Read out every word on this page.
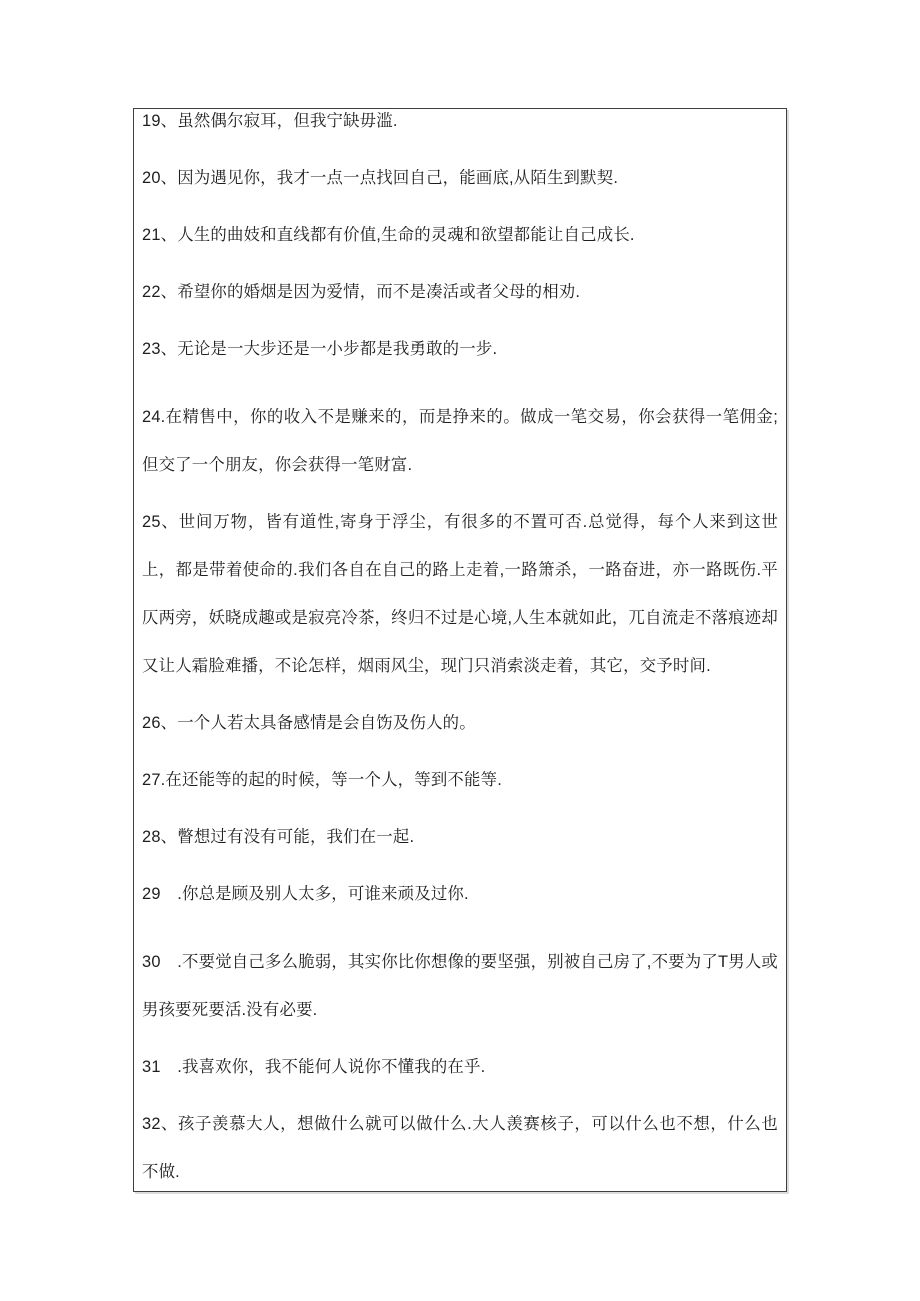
19、虽然偶尔寂耳，但我宁缺毋滥.

20、因为遇见你，我才一点一点找回自己，能画底,从陌生到默契.

21、人生的曲妓和直线都有价值,生命的灵魂和欲望都能让自己成长.

22、希望你的婚烟是因为爱情，而不是凑活或者父母的相劝.

23、无论是一大步还是一小步都是我勇敢的一步.

24.在精售中，你的收入不是赚来的，而是挣来的。做成一笔交易，你会获得一笔佣金; 但交了一个朋友，你会获得一笔财富.

25、世间万物，皆有道性,寄身于浮尘，有很多的不置可否.总觉得，每个人来到这世上，都是带着使命的.我们各自在自己的路上走着,一路箫杀，一路奋进，亦一路既伤.平仄两旁，妖晓成趣或是寂亮冷茶，终归不过是心境,人生本就如此，兀自流走不落痕迹却又让人霜脸难播，不论怎样，烟雨风尘，现门只消索淡走着，其它，交予时间.

26、一个人若太具备感情是会自饬及伤人的。

27.在还能等的起的时候，等一个人，等到不能等.

28、瞥想过有没有可能，我们在一起.

29　.你总是顾及别人太多，可谁来顽及过你.

30　.不要觉自己多么脆弱，其实你比你想像的要坚强，别被自己房了,不要为了T男人或男孩要死要活.没有必要.

31　.我喜欢你，我不能何人说你不懂我的在乎.

32、孩子羡慕大人，想做什么就可以做什么.大人羡赛核子，可以什么也不想，什么也不做.
